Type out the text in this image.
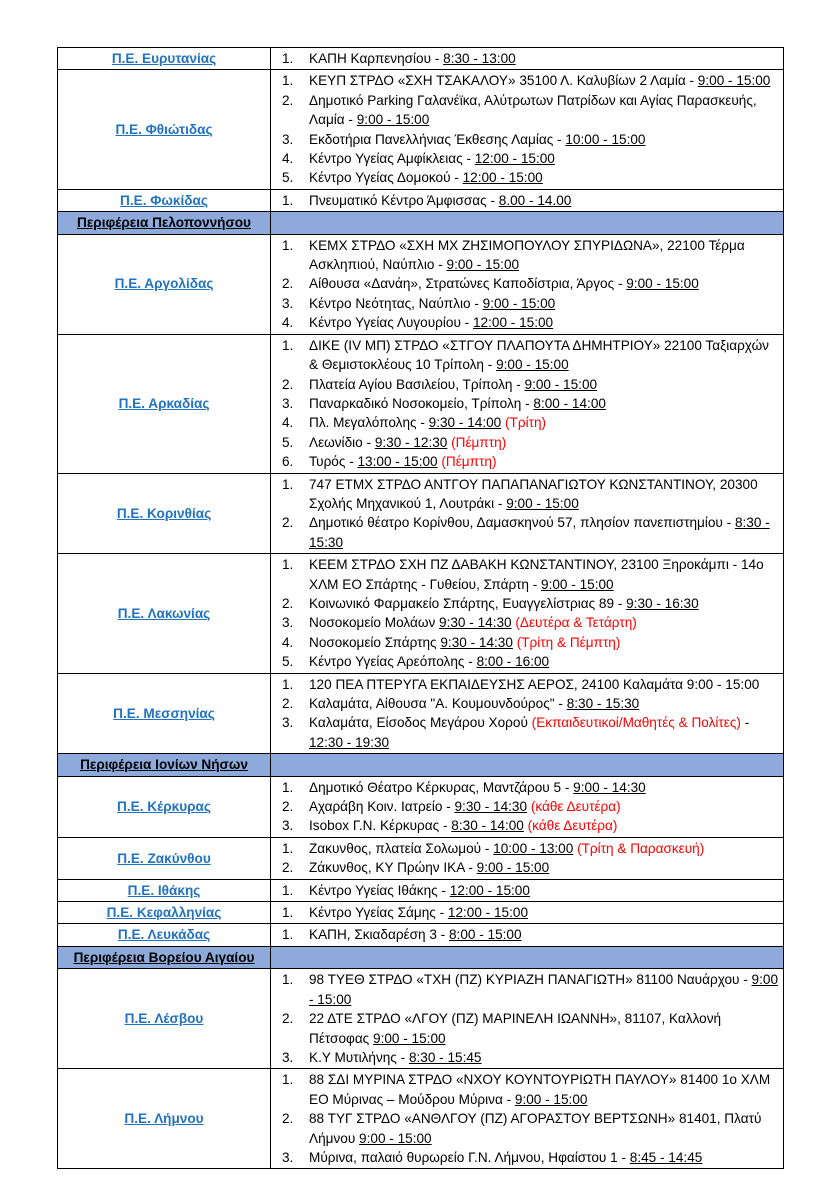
Π.Ε. Ευρυτανίας	1.	ΚΑΠΗ Καρπενησίου - 8:30 - 13:00

Π.Ε. Φθιώτιδας	
1.	ΚΕΥΠ ΣΤΡΔΟ «ΣΧΗ ΤΣΑΚΑΛΟΥ» 35100 Λ. Καλυβίων 2 Λαμία - 9:00 - 15:00
2.	Δημοτικό Parking Γαλανέϊκα, Αλύτρωτων Πατρίδων και Αγίας Παρασκευής, Λαμία - 9:00 - 15:00
3.	Εκδοτήρια Πανελλήνιας Έκθεσης Λαμίας - 10:00 - 15:00
4.	Κέντρο Υγείας Αμφίκλειας - 12:00 - 15:00
5.	Κέντρο Υγείας Δομοκού - 12:00 - 15:00

Π.Ε. Φωκίδας	1.	Πνευματικό Κέντρο Άμφισσας - 8.00 - 14.00

Περιφέρεια Πελοποννήσου	
Π.Ε. Αργολίδας	
1.	ΚΕΜΧ ΣΤΡΔΟ «ΣΧΗ ΜΧ ΖΗΣΙΜΟΠΟΥΛΟΥ ΣΠΥΡΙΔΩΝΑ», 22100 Τέρμα Ασκληπιού, Ναύπλιο - 9:00 - 15:00
2.	Αίθουσα «Δανάη», Στρατώνες Καποδίστρια, Άργος - 9:00 - 15:00
3.	Κέντρο Νεότητας, Ναύπλιο - 9:00 - 15:00
4.	Κέντρο Υγείας Λυγουρίου - 12:00 - 15:00

Π.Ε. Αρκαδίας	
1.	ΔΙΚΕ (IV ΜΠ) ΣΤΡΔΟ «ΣΤΓΟΥ ΠΛΑΠΟΥΤΑ ΔΗΜΗΤΡΙΟΥ» 22100 Ταξιαρχών & Θεμιστοκλέους 10 Τρίπολη - 9:00 - 15:00
2.	Πλατεία Αγίου Βασιλείου, Τρίπολη - 9:00 - 15:00
3.	Παναρκαδικό Νοσοκομείο, Τρίπολη - 8:00 - 14:00
4.	Πλ. Μεγαλόπολης - 9:30 - 14:00 (Τρίτη)
5.	Λεωνίδιο - 9:30 - 12:30 (Πέμπτη)
6.	Τυρός - 13:00 - 15:00 (Πέμπτη)

Π.Ε. Κορινθίας	
1.	747 ΕΤΜΧ ΣΤΡΔΟ ΑΝΤΓΟΥ ΠΑΠΑΠΑΝΑΓΙΩΤΟΥ ΚΩΝΣΤΑΝΤΙΝΟΥ, 20300 Σχολής Μηχανικού 1, Λουτράκι - 9:00 - 15:00
2.	Δημοτικό θέατρο Κορίνθου, Δαμασκηνού 57, πλησίον πανεπιστημίου - 8:30 - 15:30

Π.Ε. Λακωνίας	
1.	ΚΕΕΜ ΣΤΡΔΟ ΣΧΗ ΠΖ ΔΑΒΑΚΗ ΚΩΝΣΤΑΝΤΙΝΟΥ, 23100 Ξηροκάμπι - 14ο ΧΛΜ ΕΟ Σπάρτης - Γυθείου, Σπάρτη - 9:00 - 15:00
2.	Κοινωνικό Φαρμακείο Σπάρτης, Ευαγγελίστριας 89 - 9:30 - 16:30
3.	Νοσοκομείο Μολάων 9:30 - 14:30 (Δευτέρα & Τετάρτη)
4.	Νοσοκομείο Σπάρτης 9:30 - 14:30 (Τρίτη & Πέμπτη)
5.	Κέντρο Υγείας Αρεόπολης - 8:00 - 16:00

Π.Ε. Μεσσηνίας	
1.	120 ΠΕΑ ΠΤΕΡΥΓΑ ΕΚΠΑΙΔΕΥΣΗΣ ΑΕΡΟΣ, 24100 Καλαμάτα 9:00 - 15:00
2.	Καλαμάτα, Αίθουσα "Α. Κουμουνδούρος" - 8:30 - 15:30
3.	Καλαμάτα, Είσοδος Μεγάρου Χορού (Εκπαιδευτικοί/Μαθητές & Πολίτες) - 12:30 - 19:30

Περιφέρεια Ιονίων Νήσων	
Π.Ε. Κέρκυρας	
1.	Δημοτικό Θέατρο Κέρκυρας, Μαντζάρου 5 - 9:00 - 14:30
2.	Αχαράβη Κοιν. Ιατρείο - 9:30 - 14:30 (κάθε Δευτέρα)
3.	Isobox Γ.Ν. Κέρκυρας - 8:30 - 14:00 (κάθε Δευτέρα)

Π.Ε. Ζακύνθου	
1.	Ζακυνθος, πλατεία Σολωμού - 10:00 - 13:00 (Τρίτη & Παρασκευή)
2.	Ζάκυνθος, ΚΥ Πρώην ΙΚΑ - 9:00 - 15:00

Π.Ε. Ιθάκης	1.	Κέντρο Υγείας Ιθάκης - 12:00 - 15:00

Π.Ε. Κεφαλληνίας	1.	Κέντρο Υγείας Σάμης - 12:00 - 15:00

Π.Ε. Λευκάδας	1.	ΚΑΠΗ, Σκιαδαρέση 3 - 8:00 - 15:00

Περιφέρεια Βορείου Αιγαίου	
Π.Ε. Λέσβου	
1.	98 ΤΥΕΘ ΣΤΡΔΟ «ΤΧΗ (ΠΖ) ΚΥΡΙΑΖΗ ΠΑΝΑΓΙΩΤΗ» 81100 Ναυάρχου - 9:00 - 15:00
2.	22 ΔΤΕ ΣΤΡΔΟ «ΛΓΟΥ (ΠΖ) ΜΑΡΙΝΕΛΗ ΙΩΑΝΝΗ», 81107, Καλλονή Πέτσοφας 9:00 - 15:00
3.	Κ.Υ Μυτιλήνης - 8:30 - 15:45

Π.Ε. Λήμνου	
1.	88 ΣΔΙ ΜΥΡΙΝΑ ΣΤΡΔΟ «ΝΧΟΥ ΚΟΥΝΤΟΥΡΙΩΤΗ ΠΑΥΛΟΥ» 81400 1ο ΧΛΜ ΕΟ Μύρινας – Μούδρου Μύρινα - 9:00 - 15:00
2.	88 ΤΥΓ ΣΤΡΔΟ «ΑΝΘΛΓΟΥ (ΠΖ) ΑΓΟΡΑΣΤΟΥ ΒΕΡΤΣΩΝΗ» 81401, Πλατύ Λήμνου 9:00 - 15:00
3.	Μύρινα, παλαιό θυρωρείο Γ.Ν. Λήμνου, Ηφαίστου 1 - 8:45 - 14:45
